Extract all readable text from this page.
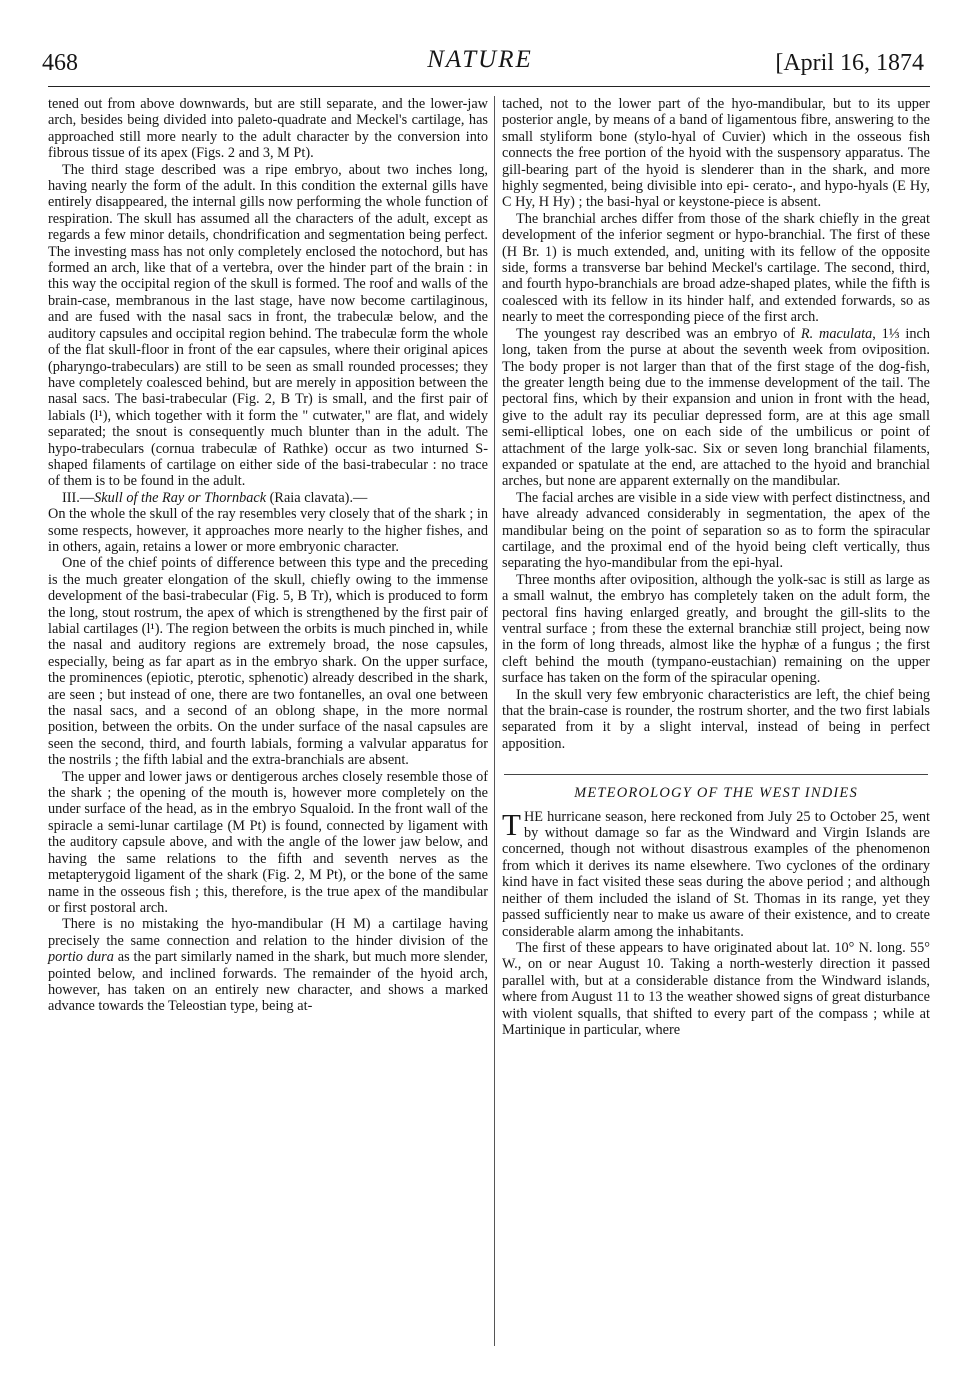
468	NATURE	[April 16, 1874

tened out from above downwards, but are still separate, and the lower-jaw arch, besides being divided into paleto-quadrate and Meckel's cartilage, has approached still more nearly to the adult character by the conversion into fibrous tissue of its apex (Figs. 2 and 3, M Pt).

The third stage described was a ripe embryo, about two inches long, having nearly the form of the adult. In this condition the external gills have entirely disappeared, the internal gills now performing the whole function of respiration. The skull has assumed all the characters of the adult, except as regards a few minor details, chondrification and segmentation being perfect. The investing mass has not only completely enclosed the notochord, but has formed an arch, like that of a vertebra, over the hinder part of the brain : in this way the occipital region of the skull is formed. The roof and walls of the brain-case, membranous in the last stage, have now become cartilaginous, and are fused with the nasal sacs in front, the trabeculæ below, and the auditory capsules and occipital region behind. The trabeculæ form the whole of the flat skull-floor in front of the ear capsules, where their original apices (pharyngo-trabeculars) are still to be seen as small rounded processes; they have completely coalesced behind, but are merely in apposition between the nasal sacs. The basi-trabecular (Fig. 2, B Tr) is small, and the first pair of labials (l¹), which together with it form the " cutwater," are flat, and widely separated; the snout is consequently much blunter than in the adult. The hypo-trabeculars (cornua trabeculæ of Rathke) occur as two inturned S-shaped filaments of cartilage on either side of the basi-trabecular : no trace of them is to be found in the adult.

III.—Skull of the Ray or Thornback (Raia clavata).—

On the whole the skull of the ray resembles very closely that of the shark ; in some respects, however, it approaches more nearly to the higher fishes, and in others, again, retains a lower or more embryonic character.

One of the chief points of difference between this type and the preceding is the much greater elongation of the skull, chiefly owing to the immense development of the basi-trabecular (Fig. 5, B Tr), which is produced to form the long, stout rostrum, the apex of which is strengthened by the first pair of labial cartilages (l¹). The region between the orbits is much pinched in, while the nasal and auditory regions are extremely broad, the nose capsules, especially, being as far apart as in the embryo shark. On the upper surface, the prominences (epiotic, pterotic, sphenotic) already described in the shark, are seen ; but instead of one, there are two fontanelles, an oval one between the nasal sacs, and a second of an oblong shape, in the more normal position, between the orbits. On the under surface of the nasal capsules are seen the second, third, and fourth labials, forming a valvular apparatus for the nostrils ; the fifth labial and the extra-branchials are absent.

The upper and lower jaws or dentigerous arches closely resemble those of the shark ; the opening of the mouth is, however more completely on the under surface of the head, as in the embryo Squaloid. In the front wall of the spiracle a semi-lunar cartilage (M Pt) is found, connected by ligament with the auditory capsule above, and with the angle of the lower jaw below, and having the same relations to the fifth and seventh nerves as the metapterygoid ligament of the shark (Fig. 2, M Pt), or the bone of the same name in the osseous fish ; this, therefore, is the true apex of the mandibular or first postoral arch.

There is no mistaking the hyo-mandibular (H M) a cartilage having precisely the same connection and relation to the hinder division of the portio dura as the part similarly named in the shark, but much more slender, pointed below, and inclined forwards. The remainder of the hyoid arch, however, has taken on an entirely new character, and shows a marked advance towards the Teleostian type, being at-

tached, not to the lower part of the hyo-mandibular, but to its upper posterior angle, by means of a band of ligamentous fibre, answering to the small styliform bone (stylo-hyal of Cuvier) which in the osseous fish connects the free portion of the hyoid with the suspensory apparatus. The gill-bearing part of the hyoid is slenderer than in the shark, and more highly segmented, being divisible into epi- cerato-, and hypo-hyals (E Hy, C Hy, H Hy) ; the basi-hyal or keystone-piece is absent.

The branchial arches differ from those of the shark chiefly in the great development of the inferior segment or hypo-branchial. The first of these (H Br. 1) is much extended, and, uniting with its fellow of the opposite side, forms a transverse bar behind Meckel's cartilage. The second, third, and fourth hypo-branchials are broad adze-shaped plates, while the fifth is coalesced with its fellow in its hinder half, and extended forwards, so as nearly to meet the corresponding piece of the first arch.

The youngest ray described was an embryo of R. maculata, 1⅓ inch long, taken from the purse at about the seventh week from oviposition. The body proper is not larger than that of the first stage of the dog-fish, the greater length being due to the immense development of the tail. The pectoral fins, which by their expansion and union in front with the head, give to the adult ray its peculiar depressed form, are at this age small semi-elliptical lobes, one on each side of the umbilicus or point of attachment of the large yolk-sac. Six or seven long branchial filaments, expanded or spatulate at the end, are attached to the hyoid and branchial arches, but none are apparent externally on the mandibular.

The facial arches are visible in a side view with perfect distinctness, and have already advanced considerably in segmentation, the apex of the mandibular being on the point of separation so as to form the spiracular cartilage, and the proximal end of the hyoid being cleft vertically, thus separating the hyo-mandibular from the epi-hyal.

Three months after oviposition, although the yolk-sac is still as large as a small walnut, the embryo has completely taken on the adult form, the pectoral fins having enlarged greatly, and brought the gill-slits to the ventral surface ; from these the external branchiæ still project, being now in the form of long threads, almost like the hyphæ of a fungus ; the first cleft behind the mouth (tympano-eustachian) remaining on the upper surface has taken on the form of the spiracular opening.

In the skull very few embryonic characteristics are left, the chief being that the brain-case is rounder, the rostrum shorter, and the two first labials separated from it by a slight interval, instead of being in perfect apposition.

METEOROLOGY OF THE WEST INDIES

THE hurricane season, here reckoned from July 25 to October 25, went by without damage so far as the Windward and Virgin Islands are concerned, though not without disastrous examples of the phenomenon from which it derives its name elsewhere. Two cyclones of the ordinary kind have in fact visited these seas during the above period ; and although neither of them included the island of St. Thomas in its range, yet they passed sufficiently near to make us aware of their existence, and to create considerable alarm among the inhabitants.

The first of these appears to have originated about lat. 10° N. long. 55° W., on or near August 10. Taking a north-westerly direction it passed parallel with, but at a considerable distance from the Windward islands, where from August 11 to 13 the weather showed signs of great disturbance with violent squalls, that shifted to every part of the compass ; while at Martinique in particular, where
